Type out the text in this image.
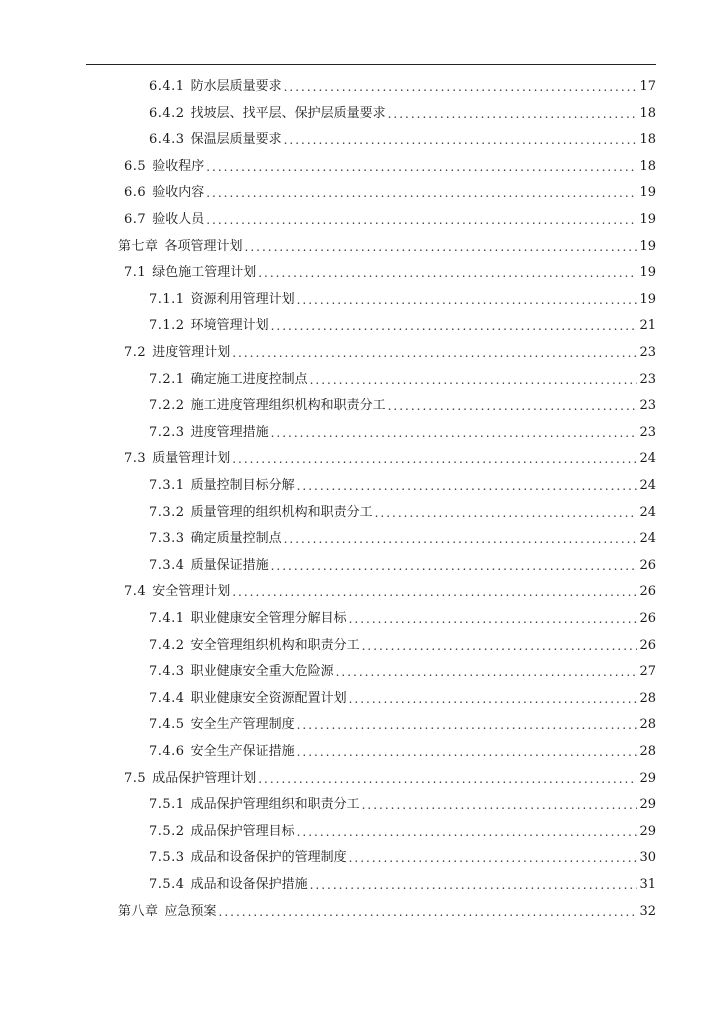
6.4.1 防水层质量要求 .....	17
6.4.2 找坡层、找平层、保护层质量要求 .....	18
6.4.3 保温层质量要求 .....	18
6.5 验收程序 .....	18
6.6 验收内容 .....	19
6.7 验收人员 .....	19
第七章 各项管理计划 .....	19
7.1 绿色施工管理计划 .....	19
7.1.1 资源利用管理计划 .....	19
7.1.2 环境管理计划 .....	21
7.2 进度管理计划 .....	23
7.2.1 确定施工进度控制点 .....	23
7.2.2 施工进度管理组织机构和职责分工 .....	23
7.2.3 进度管理措施 .....	23
7.3 质量管理计划 .....	24
7.3.1 质量控制目标分解 .....	24
7.3.2 质量管理的组织机构和职责分工 .....	24
7.3.3 确定质量控制点 .....	24
7.3.4 质量保证措施 .....	26
7.4 安全管理计划 .....	26
7.4.1 职业健康安全管理分解目标 .....	26
7.4.2 安全管理组织机构和职责分工 .....	26
7.4.3 职业健康安全重大危险源 .....	27
7.4.4 职业健康安全资源配置计划 .....	28
7.4.5 安全生产管理制度 .....	28
7.4.6 安全生产保证措施 .....	28
7.5 成品保护管理计划 .....	29
7.5.1 成品保护管理组织和职责分工 .....	29
7.5.2 成品保护管理目标 .....	29
7.5.3 成品和设备保护的管理制度 .....	30
7.5.4 成品和设备保护措施 .....	31
第八章 应急预案 .....	32
